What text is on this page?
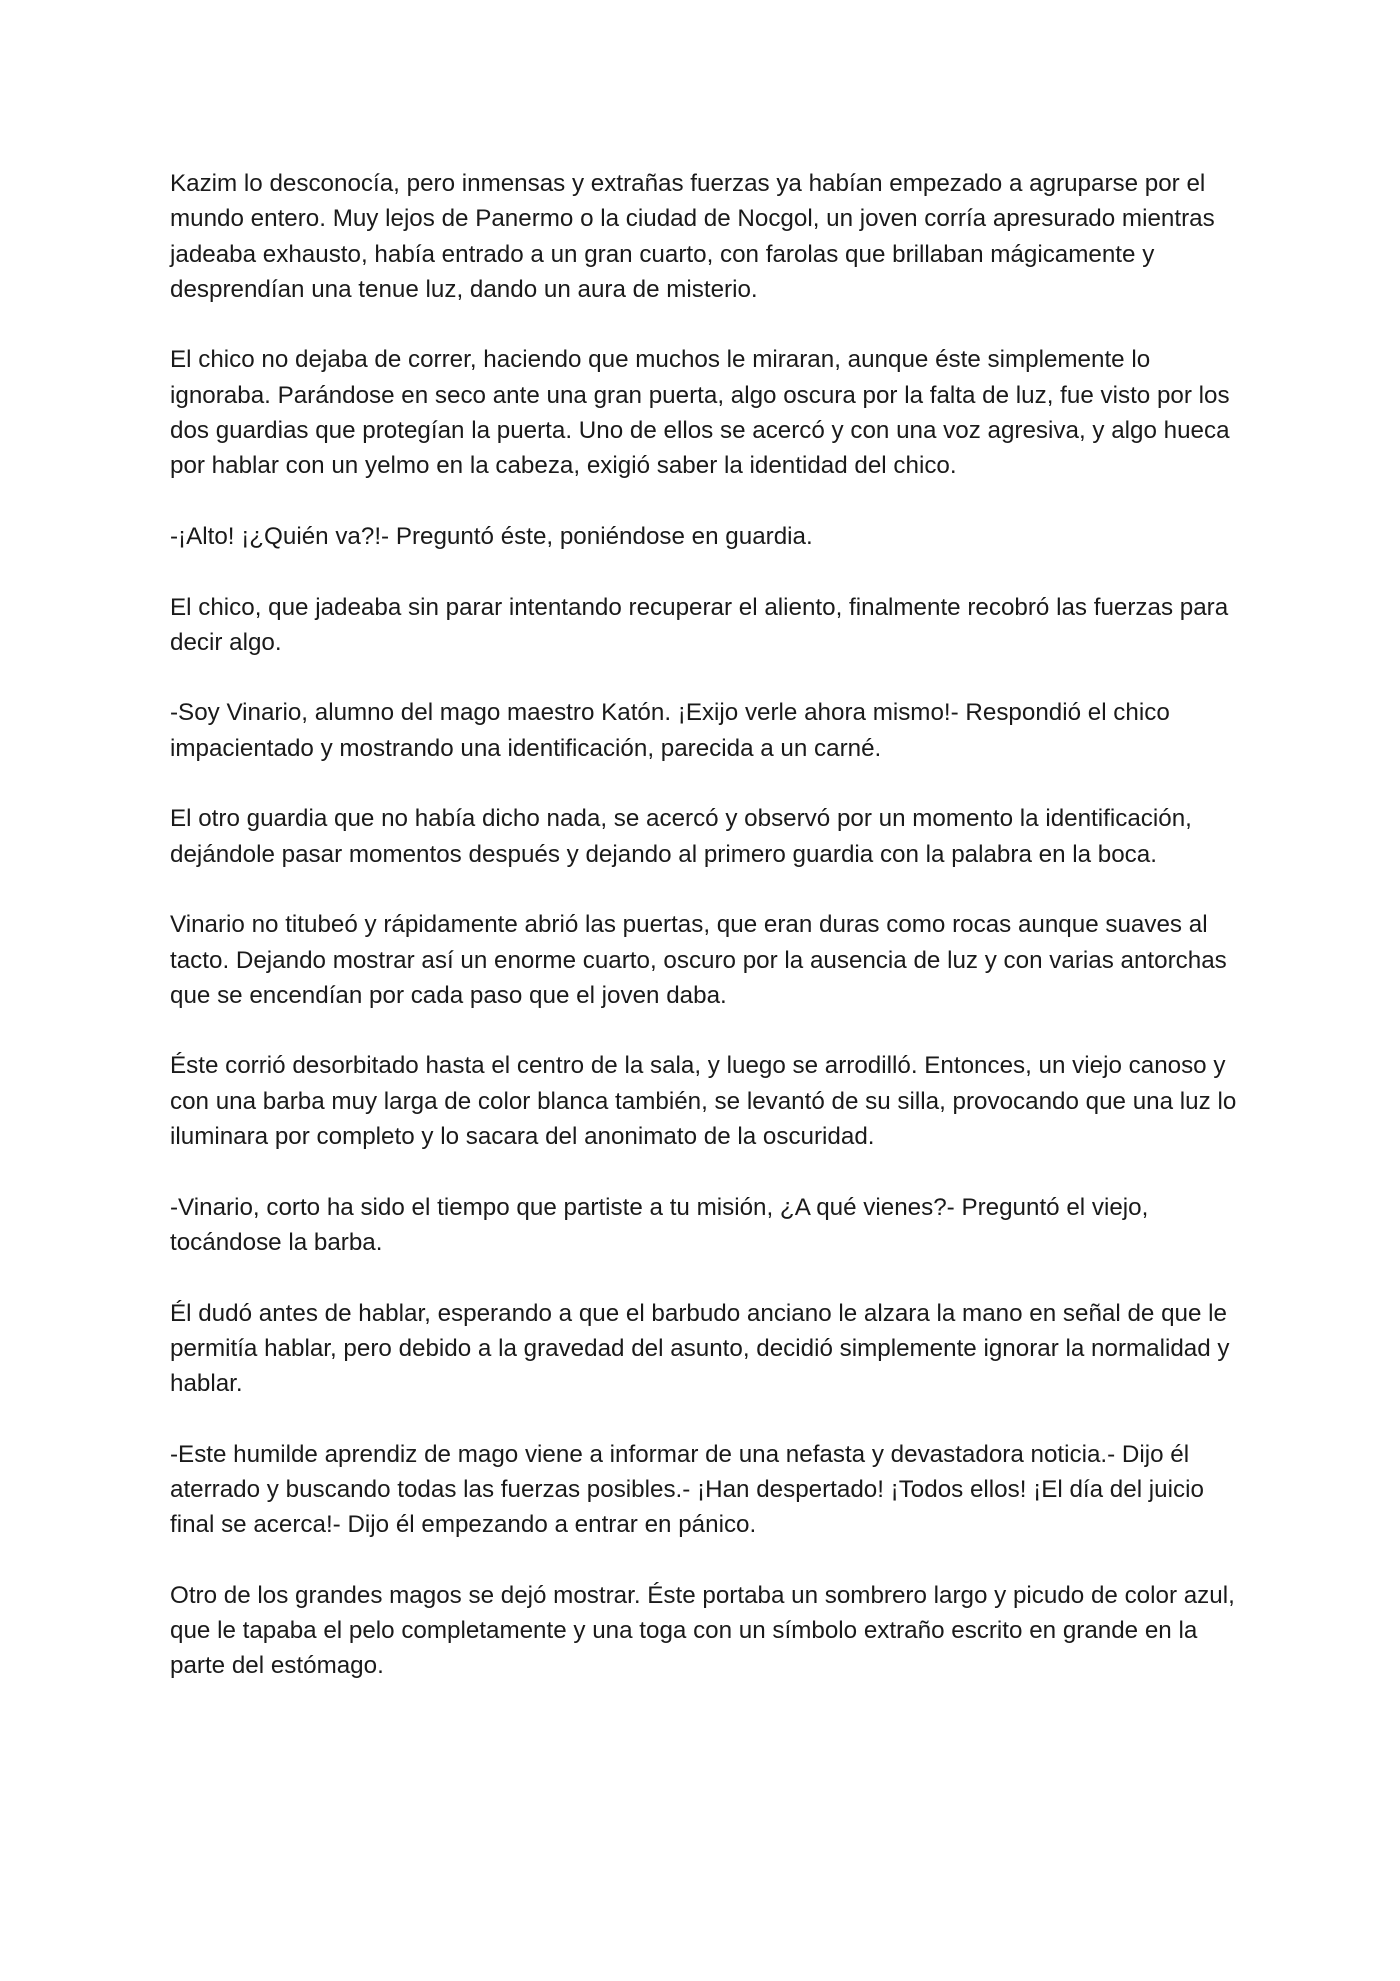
Kazim lo desconocía, pero inmensas y extrañas fuerzas ya habían empezado a agruparse por el mundo entero. Muy lejos de Panermo o la ciudad de Nocgol, un joven corría apresurado mientras jadeaba exhausto, había entrado a un gran cuarto, con farolas que brillaban mágicamente y desprendían una tenue luz, dando un aura de misterio.

El chico no dejaba de correr, haciendo que muchos le miraran, aunque éste simplemente lo ignoraba. Parándose en seco ante una gran puerta, algo oscura por la falta de luz, fue visto por los dos guardias que protegían la puerta. Uno de ellos se acercó y con una voz agresiva, y algo hueca por hablar con un yelmo en la cabeza, exigió saber la identidad del chico.

-¡Alto! ¡¿Quién va?!- Preguntó éste, poniéndose en guardia.

El chico, que jadeaba sin parar intentando recuperar el aliento, finalmente recobró las fuerzas para decir algo.

-Soy Vinario, alumno del mago maestro Katón. ¡Exijo verle ahora mismo!- Respondió el chico impacientado y mostrando una identificación, parecida a un carné.

El otro guardia que no había dicho nada, se acercó y observó por un momento la identificación, dejándole pasar momentos después y dejando al primero guardia con la palabra en la boca.

Vinario no titubeó y rápidamente abrió las puertas, que eran duras como rocas aunque suaves al tacto. Dejando mostrar así un enorme cuarto, oscuro por la ausencia de luz y con varias antorchas que se encendían por cada paso que el joven daba.

Éste corrió desorbitado hasta el centro de la sala, y luego se arrodilló. Entonces, un viejo canoso y con una barba muy larga de color blanca también, se levantó de su silla, provocando que una luz lo iluminara por completo y lo sacara del anonimato de la oscuridad.

-Vinario, corto ha sido el tiempo que partiste a tu misión, ¿A qué vienes?- Preguntó el viejo, tocándose la barba.

Él dudó antes de hablar, esperando a que el barbudo anciano le alzara la mano en señal de que le permitía hablar, pero debido a la gravedad del asunto, decidió simplemente ignorar la normalidad y hablar.

-Este humilde aprendiz de mago viene a informar de una nefasta y devastadora noticia.- Dijo él aterrado y buscando todas las fuerzas posibles.- ¡Han despertado! ¡Todos ellos! ¡El día del juicio final se acerca!- Dijo él empezando a entrar en pánico.

Otro de los grandes magos se dejó mostrar. Éste portaba un sombrero largo y picudo de color azul, que le tapaba el pelo completamente y una toga con un símbolo extraño escrito en grande en la parte del estómago.
